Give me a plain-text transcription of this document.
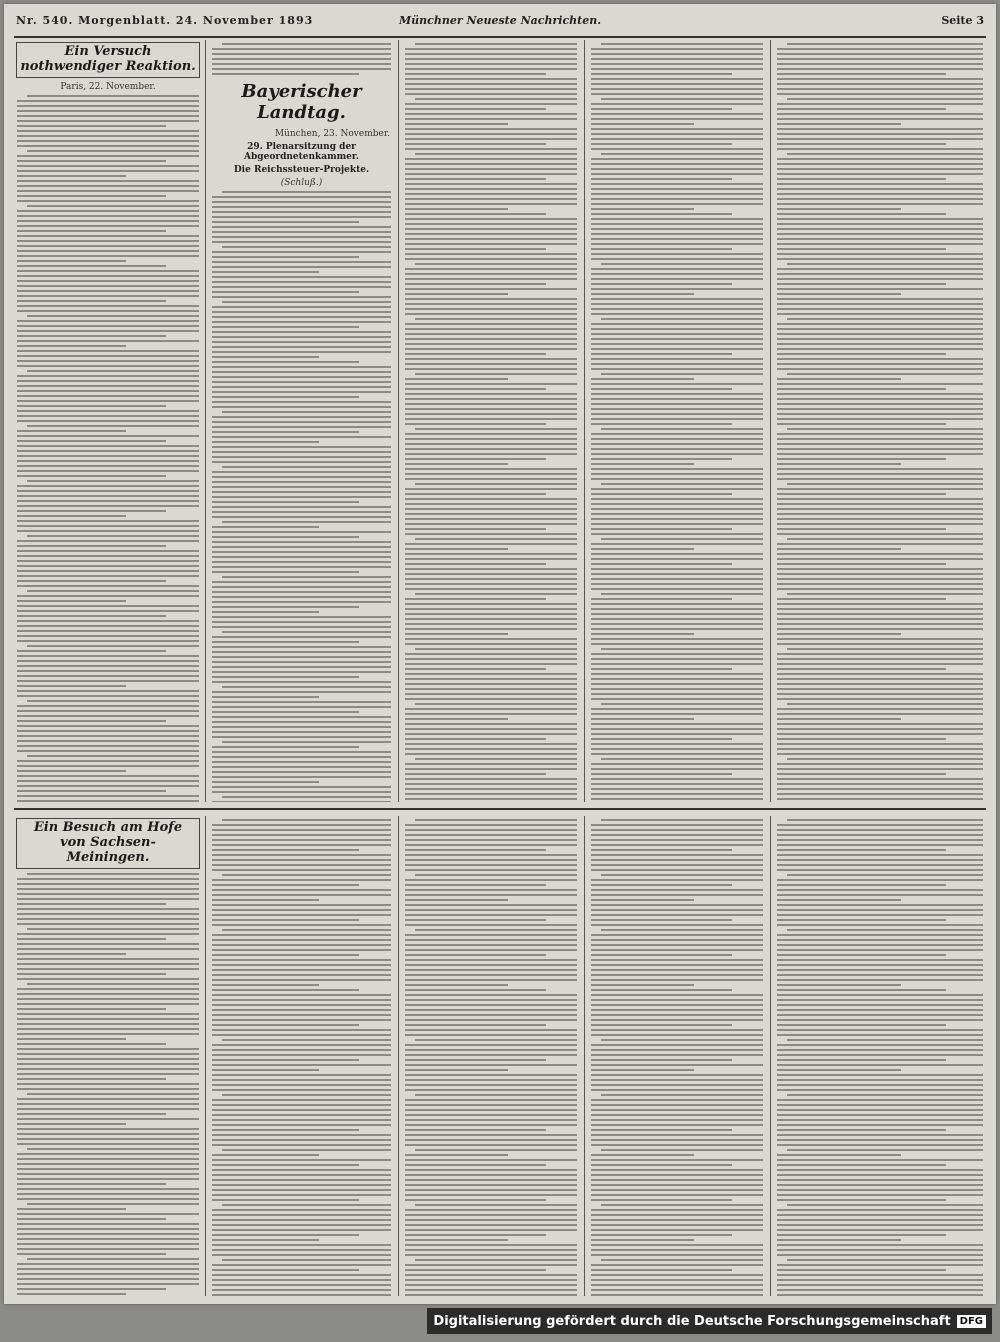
Nr. 540. Morgenblatt. 24. November 1893	Münchner Neueste Nachrichten.	Seite 3
Ein Versuch nothwendiger Reaktion.
Paris, 22. November.	Bayerischer Landtag.
München, 23. November.
29. Plenarsitzung der Abgeordnetenkammer.
Die Reichssteuer-Projekte.
(Schluß.)
Ein Besuch am Hofe von Sachsen-Meiningen.
Digitalisierung gefördert durch die Deutsche Forschungsgemeinschaft DFG
